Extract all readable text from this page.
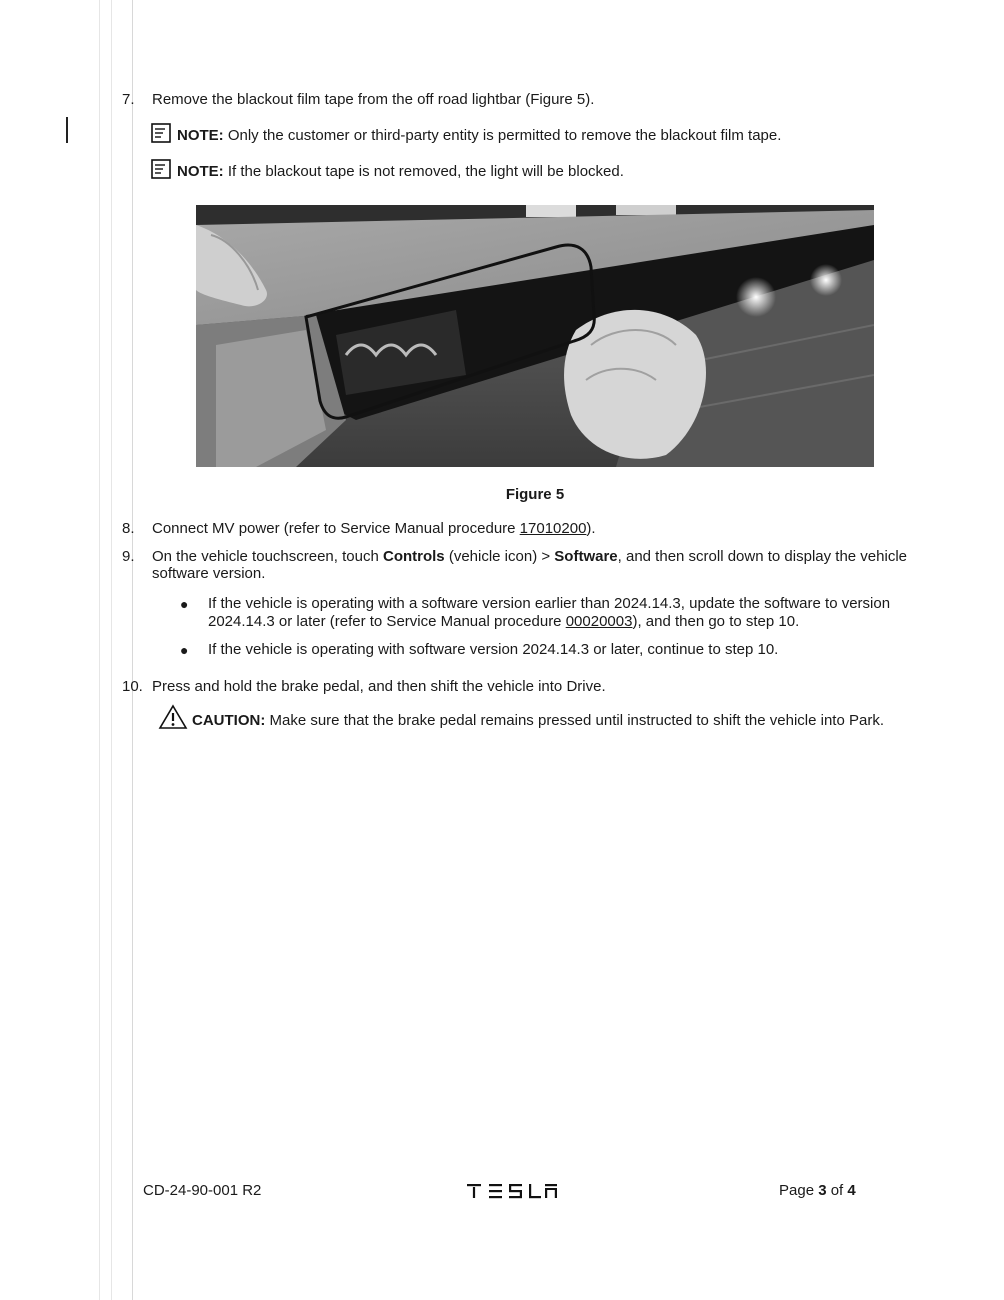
7.	Remove the blackout film tape from the off road lightbar (Figure 5).
NOTE: Only the customer or third-party entity is permitted to remove the blackout film tape.
NOTE: If the blackout tape is not removed, the light will be blocked.
Figure 5
8.	Connect MV power (refer to Service Manual procedure 17010200).
9.	On the vehicle touchscreen, touch Controls (vehicle icon) > Software, and then scroll down to display the vehicle software version.
●	If the vehicle is operating with a software version earlier than 2024.14.3, update the software to version 2024.14.3 or later (refer to Service Manual procedure 00020003), and then go to step 10.
●	If the vehicle is operating with software version 2024.14.3 or later, continue to step 10.
10. Press and hold the brake pedal, and then shift the vehicle into Drive.
CAUTION: Make sure that the brake pedal remains pressed until instructed to shift the vehicle into Park.
CD-24-90-001 R2	Page 3 of 4
